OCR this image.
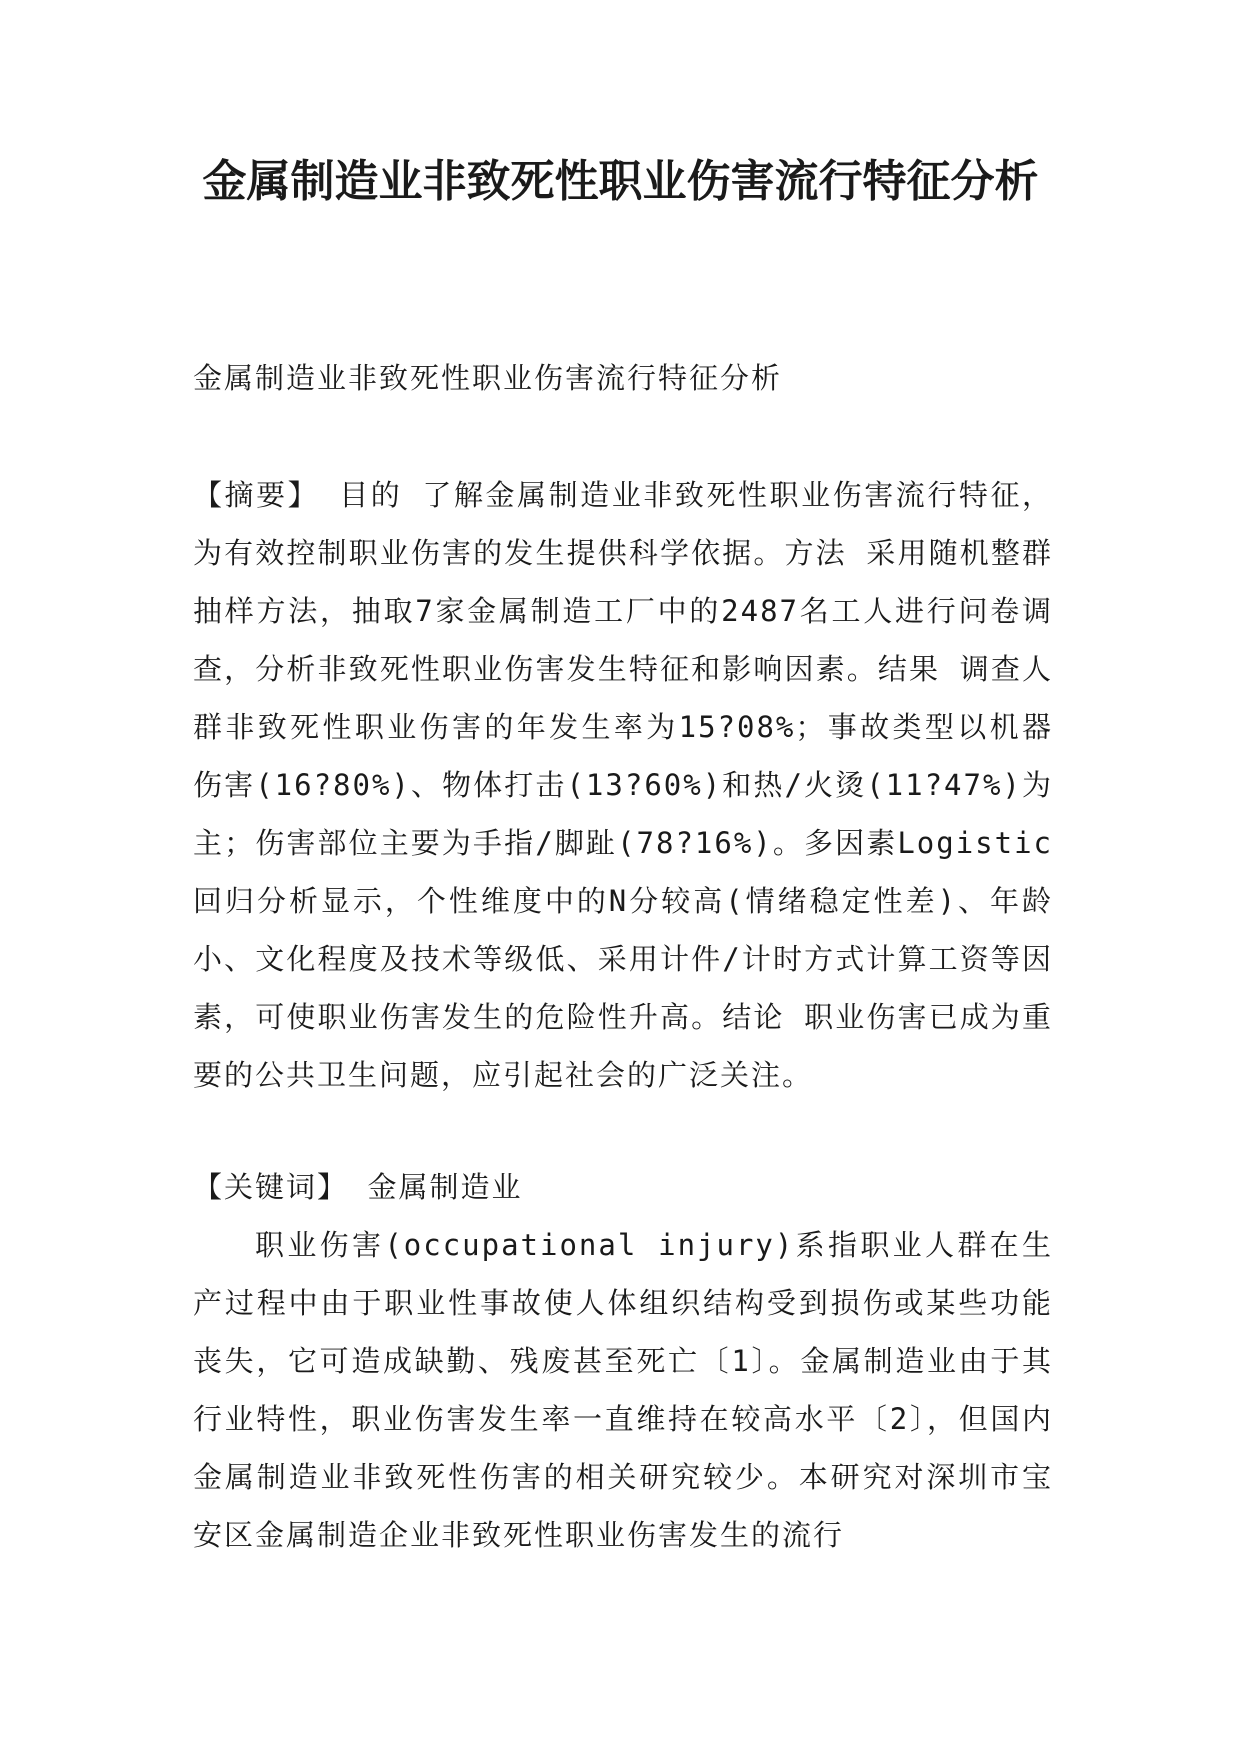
金属制造业非致死性职业伤害流行特征分析

金属制造业非致死性职业伤害流行特征分析

【摘要】 目的 了解金属制造业非致死性职业伤害流行特征，为有效控制职业伤害的发生提供科学依据。方法 采用随机整群抽样方法，抽取7家金属制造工厂中的2487名工人进行问卷调查，分析非致死性职业伤害发生特征和影响因素。结果 调查人群非致死性职业伤害的年发生率为15?08%；事故类型以机器伤害(16?80%)、物体打击(13?60%)和热/火烫(11?47%)为主；伤害部位主要为手指/脚趾(78?16%)。多因素Logistic回归分析显示，个性维度中的N分较高(情绪稳定性差)、年龄小、文化程度及技术等级低、采用计件/计时方式计算工资等因素，可使职业伤害发生的危险性升高。结论 职业伤害已成为重要的公共卫生问题，应引起社会的广泛关注。

【关键词】 金属制造业

职业伤害(occupational injury)系指职业人群在生产过程中由于职业性事故使人体组织结构受到损伤或某些功能丧失，它可造成缺勤、残废甚至死亡〔1〕。金属制造业由于其行业特性，职业伤害发生率一直维持在较高水平〔2〕，但国内金属制造业非致死性伤害的相关研究较少。本研究对深圳市宝安区金属制造企业非致死性职业伤害发生的流行
